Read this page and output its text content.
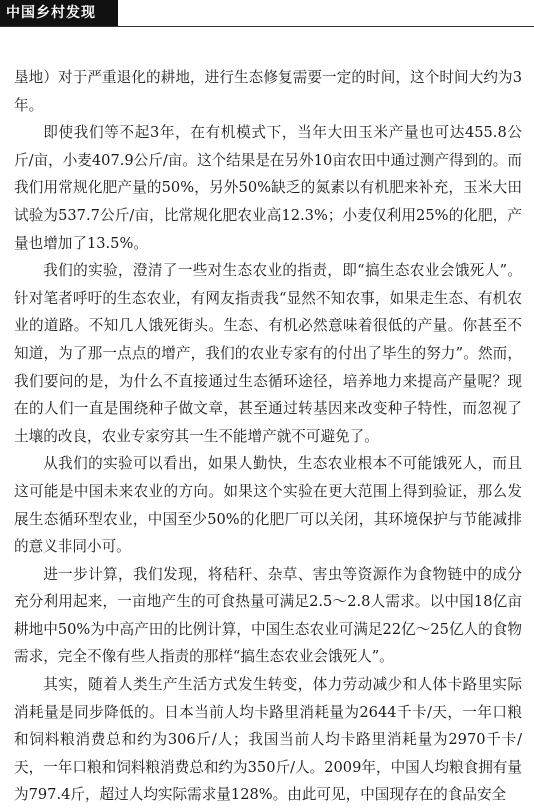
中国乡村发现

垦地）对于严重退化的耕地，进行生态修复需要一定的时间，这个时间大约为3年。

即使我们等不起3年，在有机模式下，当年大田玉米产量也可达455.8公斤/亩，小麦407.9公斤/亩。这个结果是在另外10亩农田中通过测产得到的。而我们用常规化肥产量的50%，另外50%缺乏的氮素以有机肥来补充，玉米大田试验为537.7公斤/亩，比常规化肥农业高12.3%；小麦仅利用25%的化肥，产量也增加了13.5%。

我们的实验，澄清了一些对生态农业的指责，即“搞生态农业会饿死人”。针对笔者呼吁的生态农业，有网友指责我“显然不知农事，如果走生态、有机农业的道路。不知几人饿死街头。生态、有机必然意味着很低的产量。你甚至不知道，为了那一点点的增产，我们的农业专家有的付出了毕生的努力”。然而，我们要问的是，为什么不直接通过生态循环途径，培养地力来提高产量呢？现在的人们一直是围绕种子做文章，甚至通过转基因来改变种子特性，而忽视了土壤的改良，农业专家穷其一生不能增产就不可避免了。

从我们的实验可以看出，如果人勤快，生态农业根本不可能饿死人，而且这可能是中国未来农业的方向。如果这个实验在更大范围上得到验证，那么发展生态循环型农业，中国至少50%的化肥厂可以关闭，其环境保护与节能减排的意义非同小可。

进一步计算，我们发现，将秸秆、杂草、害虫等资源作为食物链中的成分充分利用起来，一亩地产生的可食热量可满足2.5～2.8人需求。以中国18亿亩耕地中50%为中高产田的比例计算，中国生态农业可满足22亿～25亿人的食物需求，完全不像有些人指责的那样“搞生态农业会饿死人”。

其实，随着人类生产生活方式发生转变，体力劳动减少和人体卡路里实际消耗量是同步降低的。日本当前人均卡路里消耗量为2644千卡/天，一年口粮和饲料粮消费总和约为306斤/人；我国当前人均卡路里消耗量为2970千卡/天，一年口粮和饲料粮消费总和约为350斤/人。2009年，中国人均粮食拥有量为797.4斤，超过人均实际需求量128%。由此可见，中国现存在的食品安全
